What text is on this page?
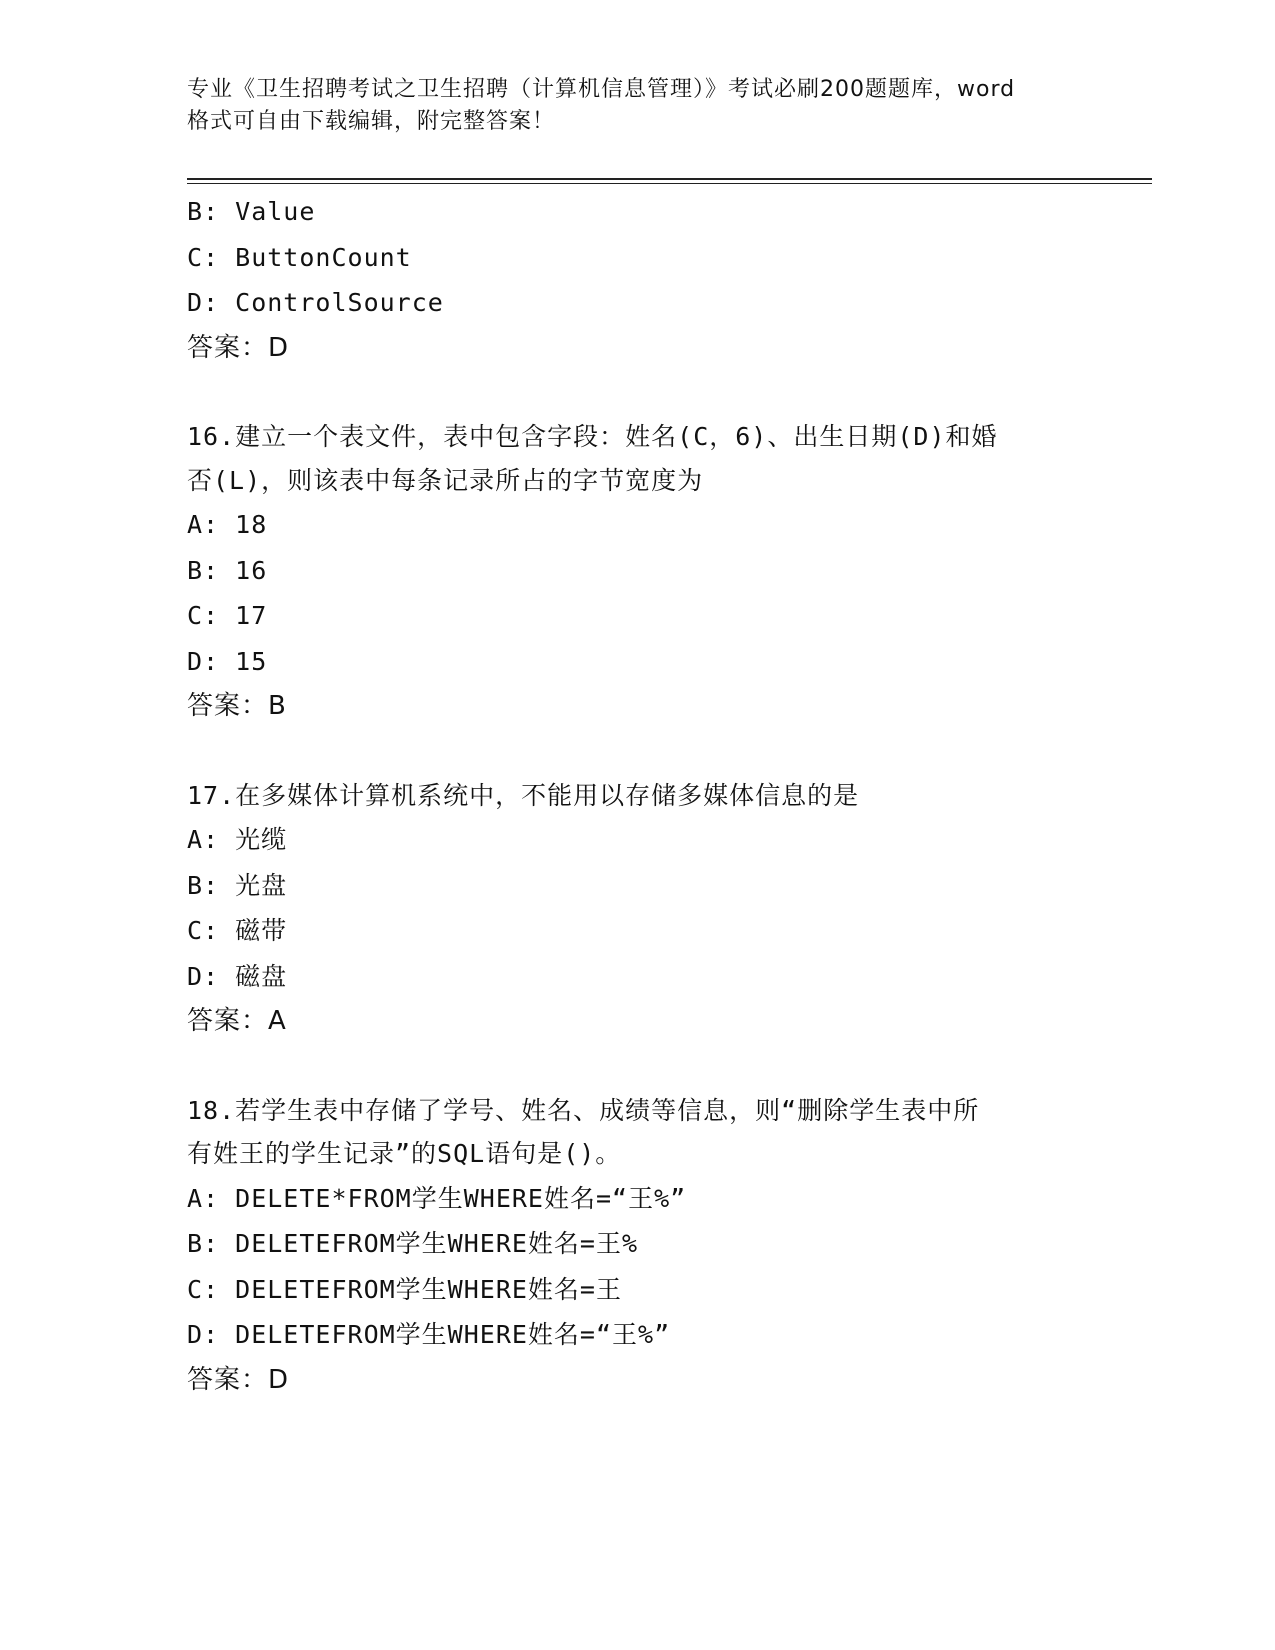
专业《卫生招聘考试之卫生招聘（计算机信息管理）》考试必刷200题题库，word
格式可自由下载编辑，附完整答案！
B: Value
C: ButtonCount
D: ControlSource
答案：D
16.建立一个表文件，表中包含字段：姓名(C，6)、出生日期(D)和婚
否(L)，则该表中每条记录所占的字节宽度为
A: 18
B: 16
C: 17
D: 15
答案：B
17.在多媒体计算机系统中，不能用以存储多媒体信息的是
A: 光缆
B: 光盘
C: 磁带
D: 磁盘
答案：A
18.若学生表中存储了学号、姓名、成绩等信息，则“删除学生表中所
有姓王的学生记录”的SQL语句是()。
A: DELETE*FROM学生WHERE姓名=“王%”
B: DELETEFROM学生WHERE姓名=王%
C: DELETEFROM学生WHERE姓名=王
D: DELETEFROM学生WHERE姓名=“王%”
答案：D
